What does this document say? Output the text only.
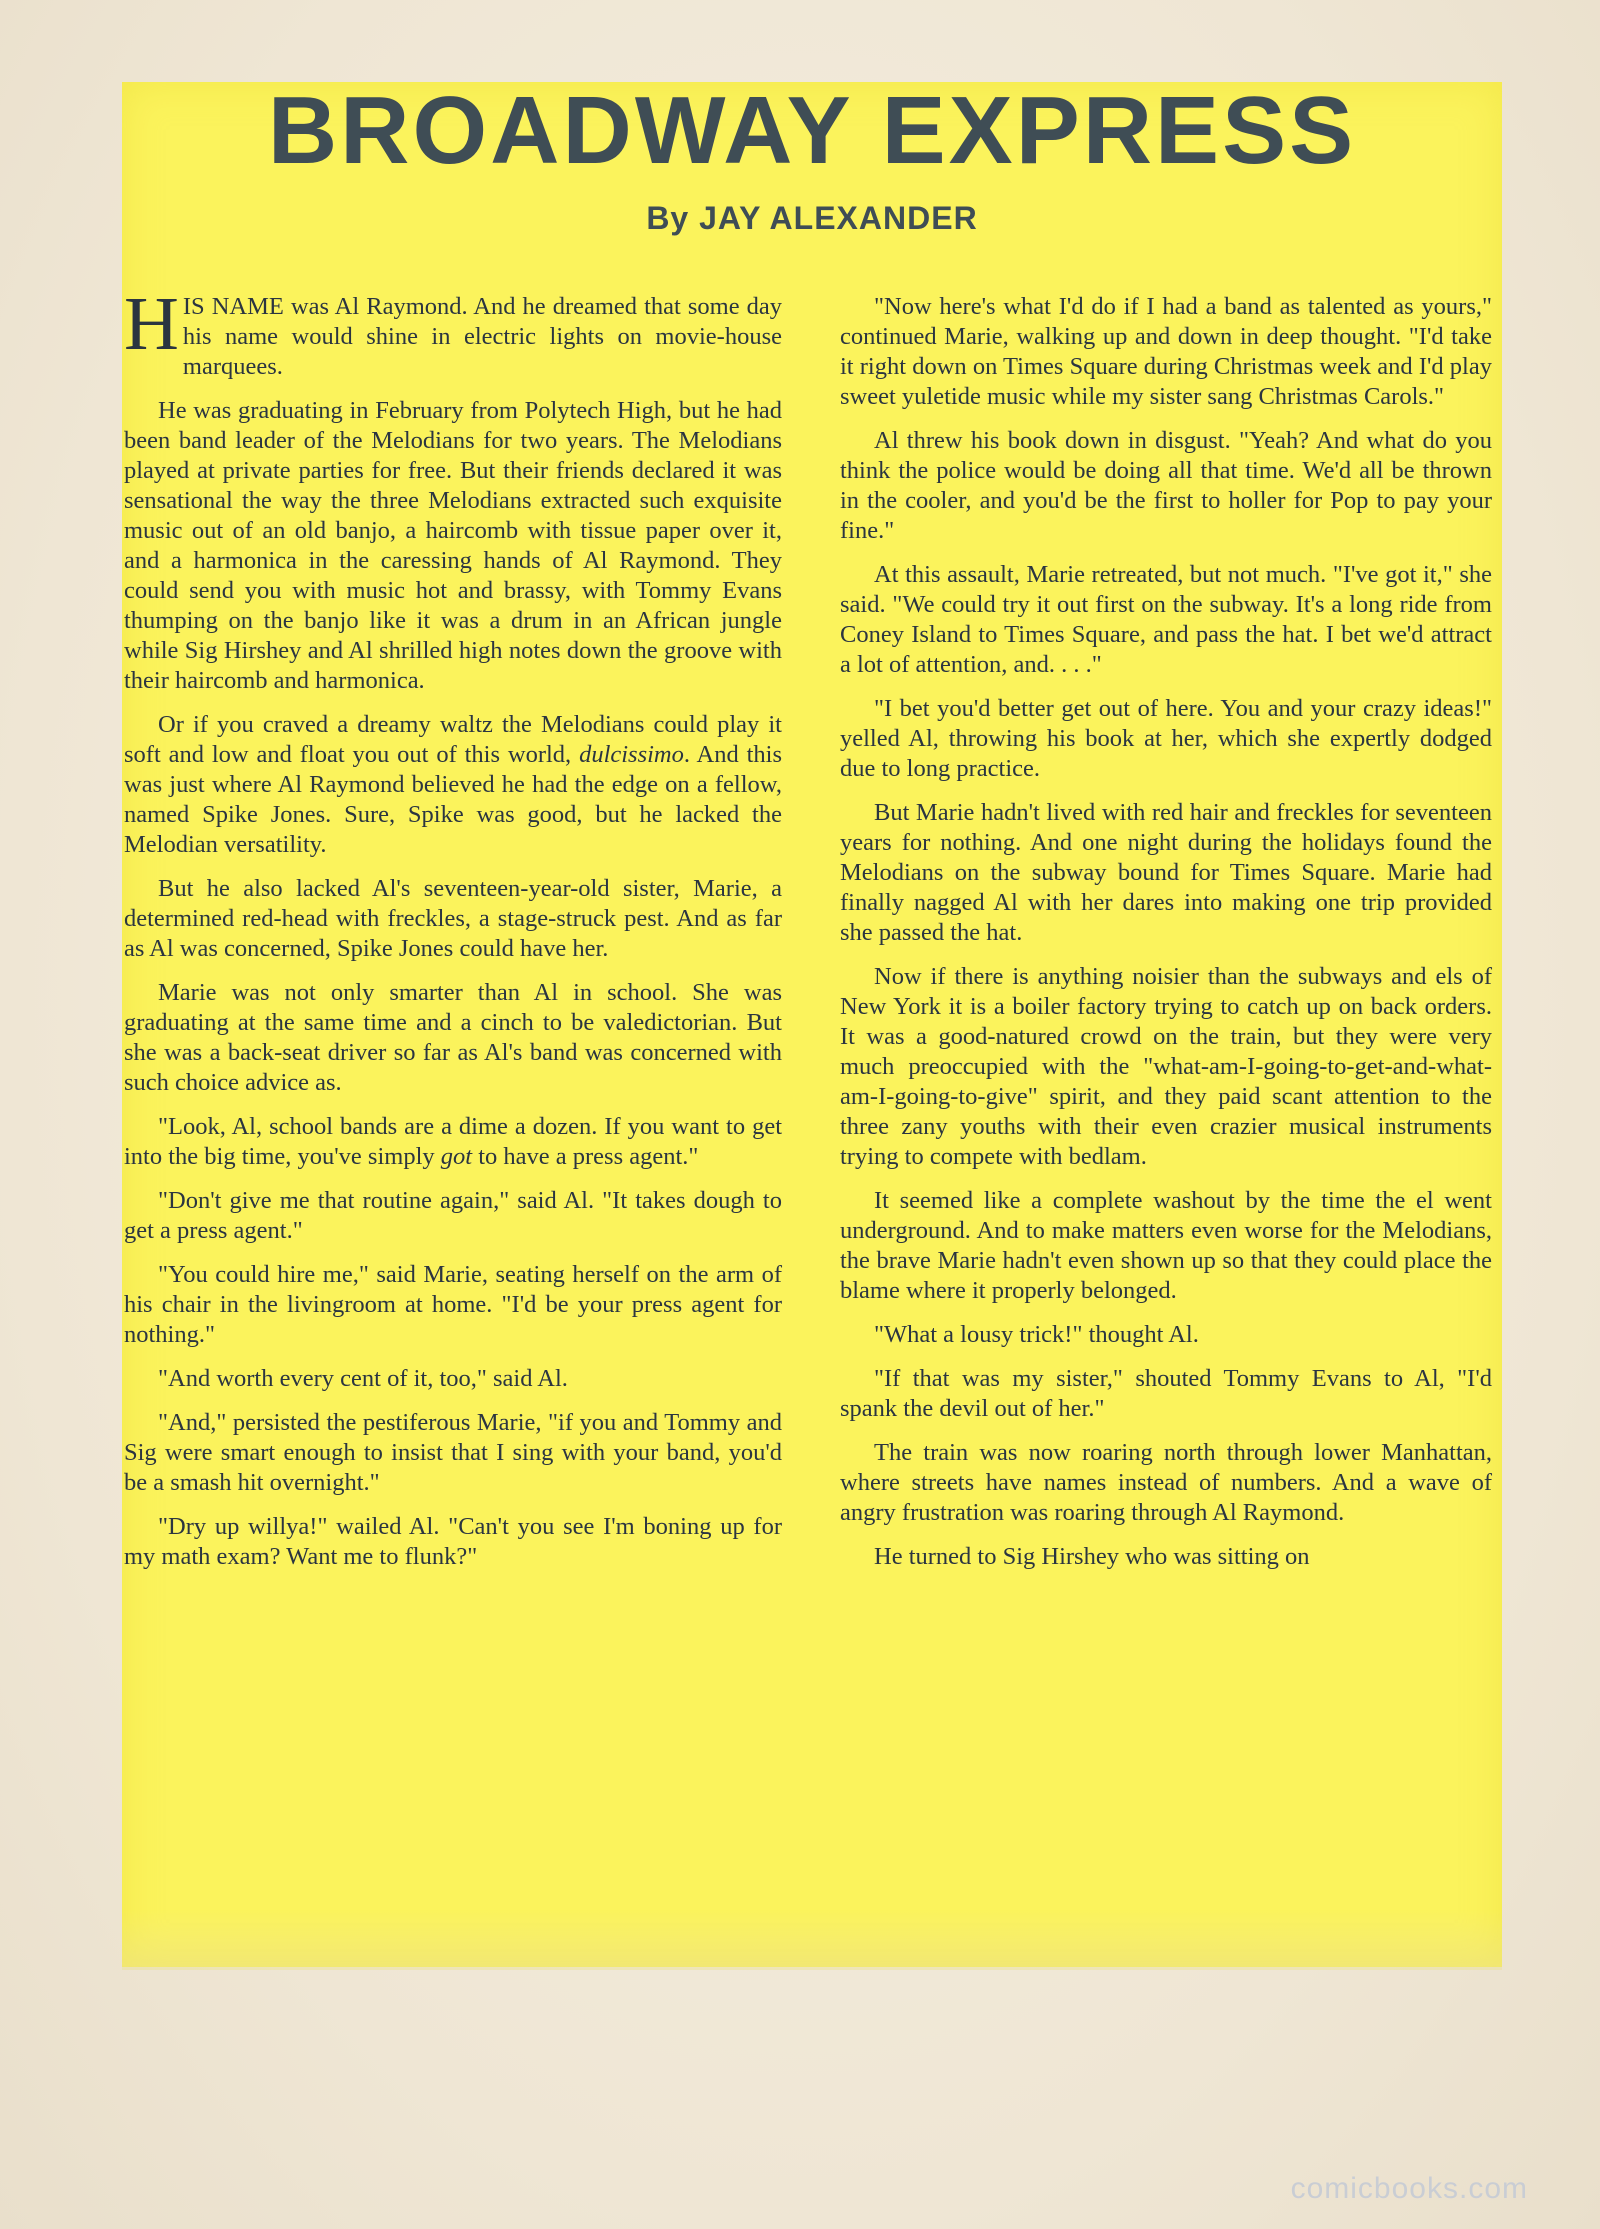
BROADWAY EXPRESS
By JAY ALEXANDER

HIS NAME was Al Raymond. And he dreamed that some day his name would shine in electric lights on movie-house marquees.

He was graduating in February from Polytech High, but he had been band leader of the Melodians for two years. The Melodians played at private parties for free. But their friends declared it was sensational the way the three Melodians extracted such exquisite music out of an old banjo, a haircomb with tissue paper over it, and a harmonica in the caressing hands of Al Raymond. They could send you with music hot and brassy, with Tommy Evans thumping on the banjo like it was a drum in an African jungle while Sig Hirshey and Al shrilled high notes down the groove with their haircomb and harmonica.

Or if you craved a dreamy waltz the Melodians could play it soft and low and float you out of this world, dulcissimo. And this was just where Al Raymond believed he had the edge on a fellow, named Spike Jones. Sure, Spike was good, but he lacked the Melodian versatility.

But he also lacked Al's seventeen-year-old sister, Marie, a determined red-head with freckles, a stage-struck pest. And as far as Al was concerned, Spike Jones could have her.

Marie was not only smarter than Al in school. She was graduating at the same time and a cinch to be valedictorian. But she was a back-seat driver so far as Al's band was concerned with such choice advice as.

"Look, Al, school bands are a dime a dozen. If you want to get into the big time, you've simply got to have a press agent."

"Don't give me that routine again," said Al. "It takes dough to get a press agent."

"You could hire me," said Marie, seating herself on the arm of his chair in the livingroom at home. "I'd be your press agent for nothing."

"And worth every cent of it, too," said Al.

"And," persisted the pestiferous Marie, "if you and Tommy and Sig were smart enough to insist that I sing with your band, you'd be a smash hit overnight."

"Dry up willya!" wailed Al. "Can't you see I'm boning up for my math exam? Want me to flunk?"

"Now here's what I'd do if I had a band as talented as yours," continued Marie, walking up and down in deep thought. "I'd take it right down on Times Square during Christmas week and I'd play sweet yuletide music while my sister sang Christmas Carols."

Al threw his book down in disgust. "Yeah? And what do you think the police would be doing all that time. We'd all be thrown in the cooler, and you'd be the first to holler for Pop to pay your fine."

At this assault, Marie retreated, but not much. "I've got it," she said. "We could try it out first on the subway. It's a long ride from Coney Island to Times Square, and pass the hat. I bet we'd attract a lot of attention, and. . . ."

"I bet you'd better get out of here. You and your crazy ideas!" yelled Al, throwing his book at her, which she expertly dodged due to long practice.

But Marie hadn't lived with red hair and freckles for seventeen years for nothing. And one night during the holidays found the Melodians on the subway bound for Times Square. Marie had finally nagged Al with her dares into making one trip provided she passed the hat.

Now if there is anything noisier than the subways and els of New York it is a boiler factory trying to catch up on back orders. It was a good-natured crowd on the train, but they were very much preoccupied with the "what-am-I-going-to-get-and-what-am-I-going-to-give" spirit, and they paid scant attention to the three zany youths with their even crazier musical instruments trying to compete with bedlam.

It seemed like a complete washout by the time the el went underground. And to make matters even worse for the Melodians, the brave Marie hadn't even shown up so that they could place the blame where it properly belonged.

"What a lousy trick!" thought Al.

"If that was my sister," shouted Tommy Evans to Al, "I'd spank the devil out of her."

The train was now roaring north through lower Manhattan, where streets have names instead of numbers. And a wave of angry frustration was roaring through Al Raymond.

He turned to Sig Hirshey who was sitting on

comicbooks.com
